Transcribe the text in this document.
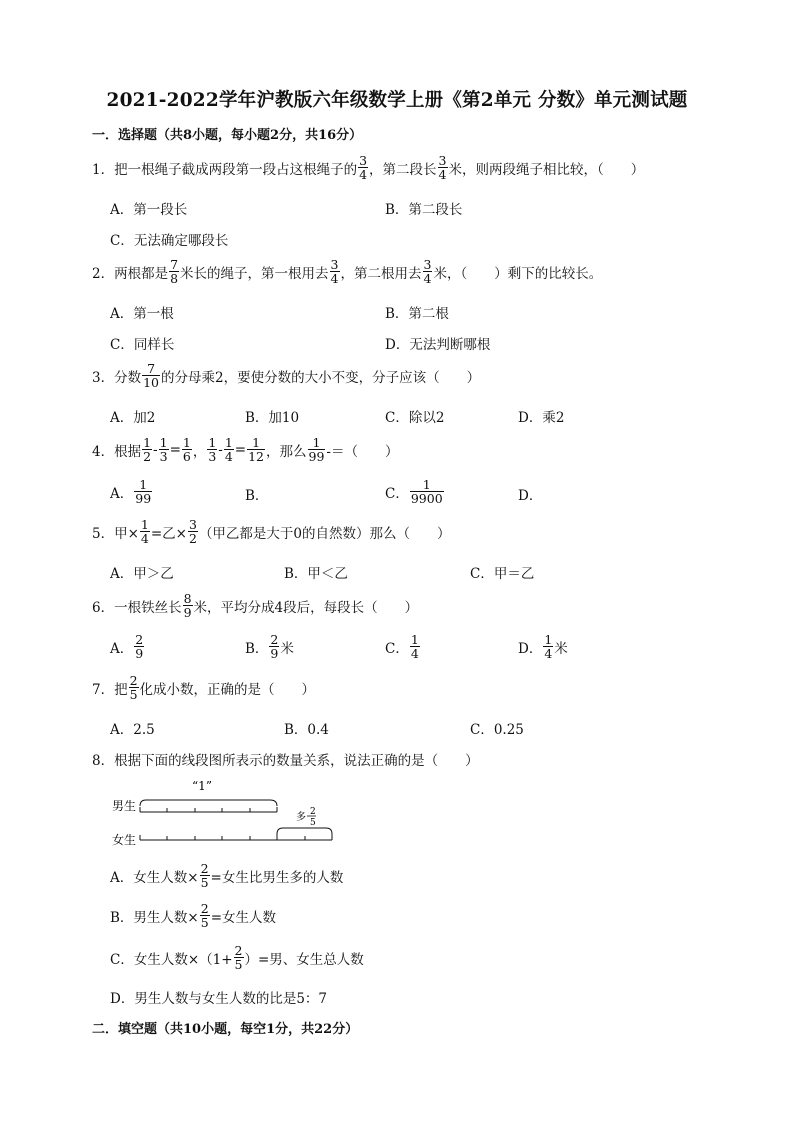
2021-2022学年沪教版六年级数学上册《第2单元 分数》单元测试题
一．选择题（共8小题，每小题2分，共16分）
1．把一根绳子截成两段第一段占这根绳子的 $\frac{3}{4}$ ，第二段长 $\frac{3}{4}$ 米，则两段绳子相比较，（　　）
A．第一段长	B．第二段长
C．无法确定哪段长
2．两根都是 $\frac{7}{8}$ 米长的绳子，第一根用去 $\frac{3}{4}$ ，第二根用去 $\frac{3}{4}$ 米，（　　）剩下的比较长。
A．第一根	B．第二根
C．同样长	D．无法判断哪根
3．分数 $\frac{7}{10}$ 的分母乘2，要使分数的大小不变，分子应该（　　）
A．加2	B．加10	C．除以2	D．乘2
4．根据 $\frac{1}{2} - \frac{1}{3} = \frac{1}{6}$ ， $\frac{1}{3} - \frac{1}{4} = \frac{1}{12}$ ，那么 $\frac{1}{99}$ -＝（　　）
A． $\frac{1}{99}$	B．	C． $\frac{1}{9900}$	D．
5．甲× $\frac{1}{4}$ =乙× $\frac{3}{2}$ （甲乙都是大于0的自然数）那么（　　）
A．甲＞乙	B．甲＜乙	C．甲＝乙
6．一根铁丝长 $\frac{8}{9}$ 米，平均分成4段后，每段长（　　）
A． $\frac{2}{9}$	B． $\frac{2}{9}$ 米	C． $\frac{1}{4}$	D． $\frac{1}{4}$ 米
7．把 $\frac{2}{5}$ 化成小数，正确的是（　　）
A．2.5	B．0.4	C．0.25
8．根据下面的线段图所表示的数量关系，说法正确的是（　　）
“1”
男生
女生
多 2
5
A．女生人数× $\frac{2}{5}$ =女生比男生多的人数
B．男生人数× $\frac{2}{5}$ =女生人数
C．女生人数$\times(1+ \frac{2}{5}$ ）=男、女生总人数
D．男生人数与女生人数的比是5：7
二．填空题（共10小题，每空1分，共22分）
